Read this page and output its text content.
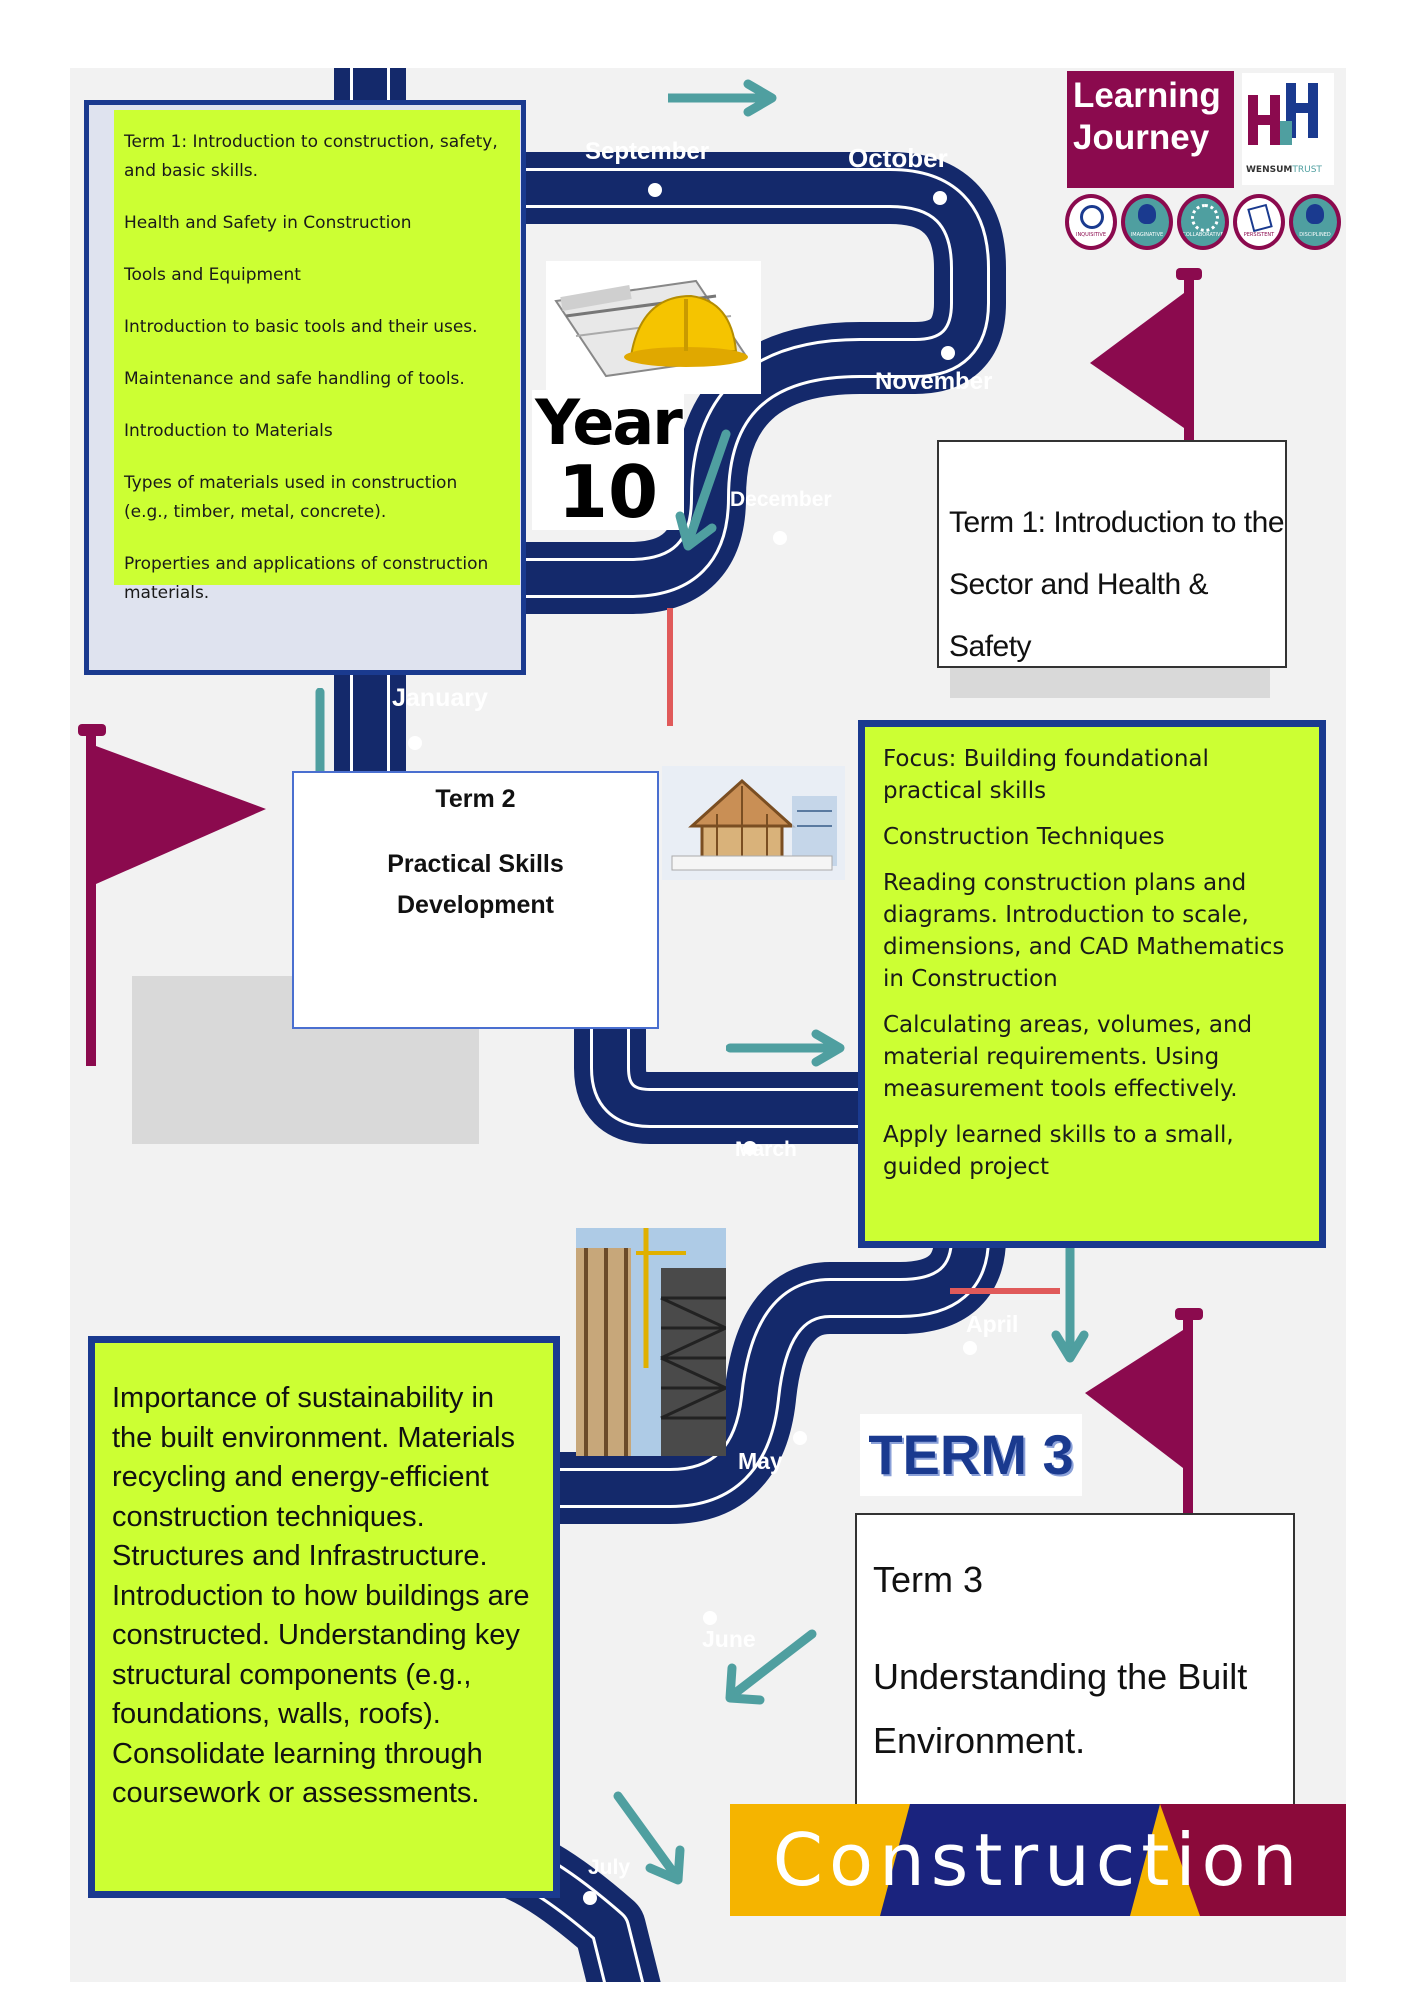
September	October
November
December
January
March
April
May
June
July

Term 1: Introduction to construction, safety, and basic skills.

Health and Safety in Construction

Tools and Equipment

Introduction to basic tools and their uses.

Maintenance and safe handling of tools.

Introduction to Materials

Types of materials used in construction (e.g., timber, metal, concrete).

Properties and applications of construction materials.

Year
10
Learning Journey
WENSUMTRUST
INQUISITIVE	IMAGINATIVE	COLLABORATIVE	PERSISTENT	DISCIPLINED
Term 1: Introduction to the
Sector and Health & Safety
Term 2
Practical Skills
Development

Focus: Building foundational practical skills

Construction Techniques

Reading construction plans and diagrams. Introduction to scale, dimensions, and CAD Mathematics in Construction

Calculating areas, volumes, and material requirements. Using measurement tools effectively.

Apply learned skills to a small, guided project

Importance of sustainability in the built environment. Materials recycling and energy-efficient construction techniques. Structures and Infrastructure. Introduction to how buildings are constructed. Understanding key structural components (e.g., foundations, walls, roofs). Consolidate learning through coursework or assessments.
TERM 3
Term 3
Understanding the Built
Environment.
Construction
